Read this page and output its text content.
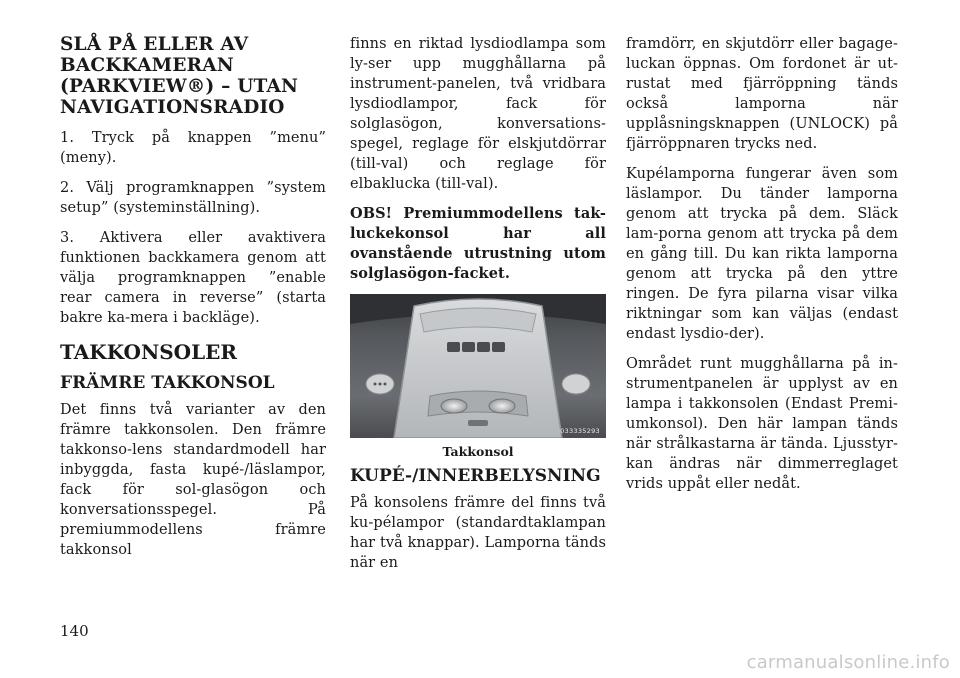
SLÅ PÅ ELLER AV BACKKAMERAN (PARKVIEW®) – UTAN NAVIGATIONSRADIO
1. Tryck på knappen ”menu” (meny).
2. Välj programknappen ”system setup” (systeminställning).
3. Aktivera eller avaktivera funktionen backkamera genom att välja programknappen ”enable rear camera in reverse” (starta bakre ka-mera i backläge).
TAKKONSOLER
FRÄMRE TAKKONSOL
Det finns två varianter av den främre takkonsolen. Den främre takkonso-lens standardmodell har inbyggda, fasta kupé-/läslampor, fack för sol-glasögon och konversationsspegel. På premiummodellens främre takkonsol
finns en riktad lysdiodlampa som ly-ser upp mugghållarna på instrument-panelen, två vridbara lysdiodlampor, fack för solglasögon, konversations-spegel, reglage för elskjutdörrar (till-val) och reglage för elbaklucka (till-val).
OBS! Premiummodellens tak-luckekonsol har all ovanstående utrustning utom solglasögon-facket.
033335293
Takkonsol
KUPÉ-/INNERBELYSNING
På konsolens främre del finns två ku-pélampor (standardtaklampan har två knappar). Lamporna tänds när en
framdörr, en skjutdörr eller bagage-luckan öppnas. Om fordonet är ut-rustat med fjärröppning tänds också lamporna när upplåsningsknappen (UNLOCK) på fjärröppnaren trycks ned.
Kupélamporna fungerar även som läslampor. Du tänder lamporna genom att trycka på dem. Släck lam-porna genom att trycka på dem en gång till. Du kan rikta lamporna genom att trycka på den yttre ringen. De fyra pilarna visar vilka riktningar som kan väljas (endast endast lysdio-der).
Området runt mugghållarna på in-strumentpanelen är upplyst av en lampa i takkonsolen (Endast Premi-umkonsol). Den här lampan tänds när strålkastarna är tända. Ljusstyr-kan ändras när dimmerreglaget vrids uppåt eller nedåt.
140
carmanualsonline.info
